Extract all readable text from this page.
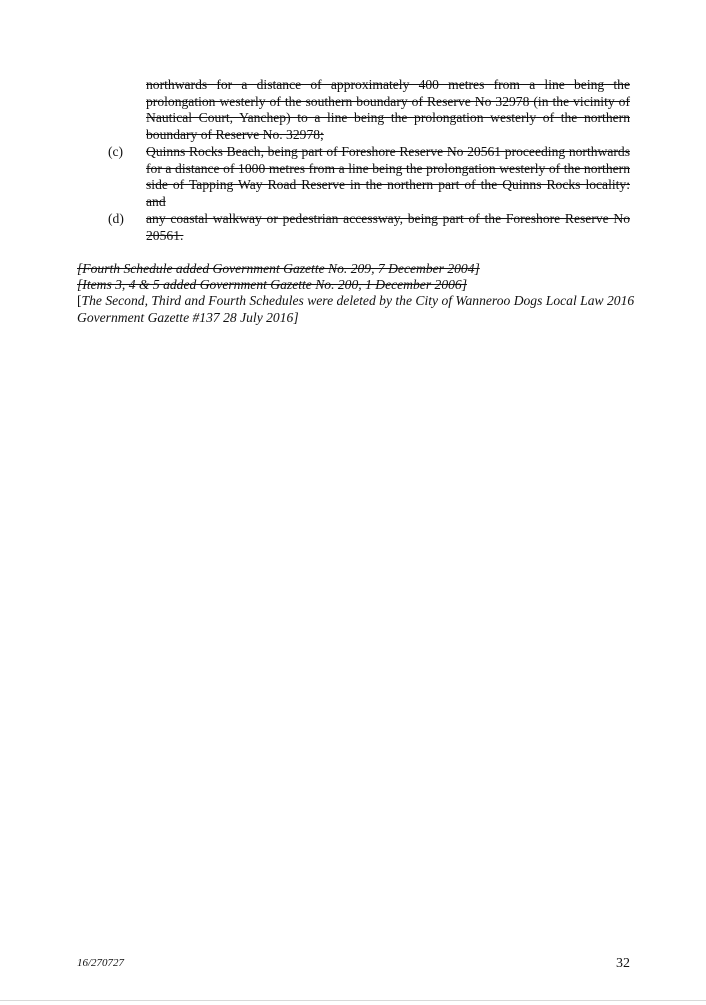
northwards for a distance of approximately 400 metres from a line being the prolongation westerly of the southern boundary of Reserve No 32978 (in the vicinity of Nautical Court, Yanchep) to a line being the prolongation westerly of the northern boundary of Reserve No. 32978;
(c)	Quinns Rocks Beach, being part of Foreshore Reserve No 20561 proceeding northwards for a distance of 1000 metres from a line being the prolongation westerly of the northern side of Tapping Way Road Reserve in the northern part of the Quinns Rocks locality: and
(d)	any coastal walkway or pedestrian accessway, being part of the Foreshore Reserve No 20561.

[Fourth Schedule added Government Gazette No. 209, 7 December 2004]

[Items 3, 4 & 5 added Government Gazette No. 200, 1 December 2006]

[The Second, Third and Fourth Schedules were deleted by the City of Wanneroo Dogs Local Law 2016 Government Gazette #137 28 July 2016]

16/270727	32
